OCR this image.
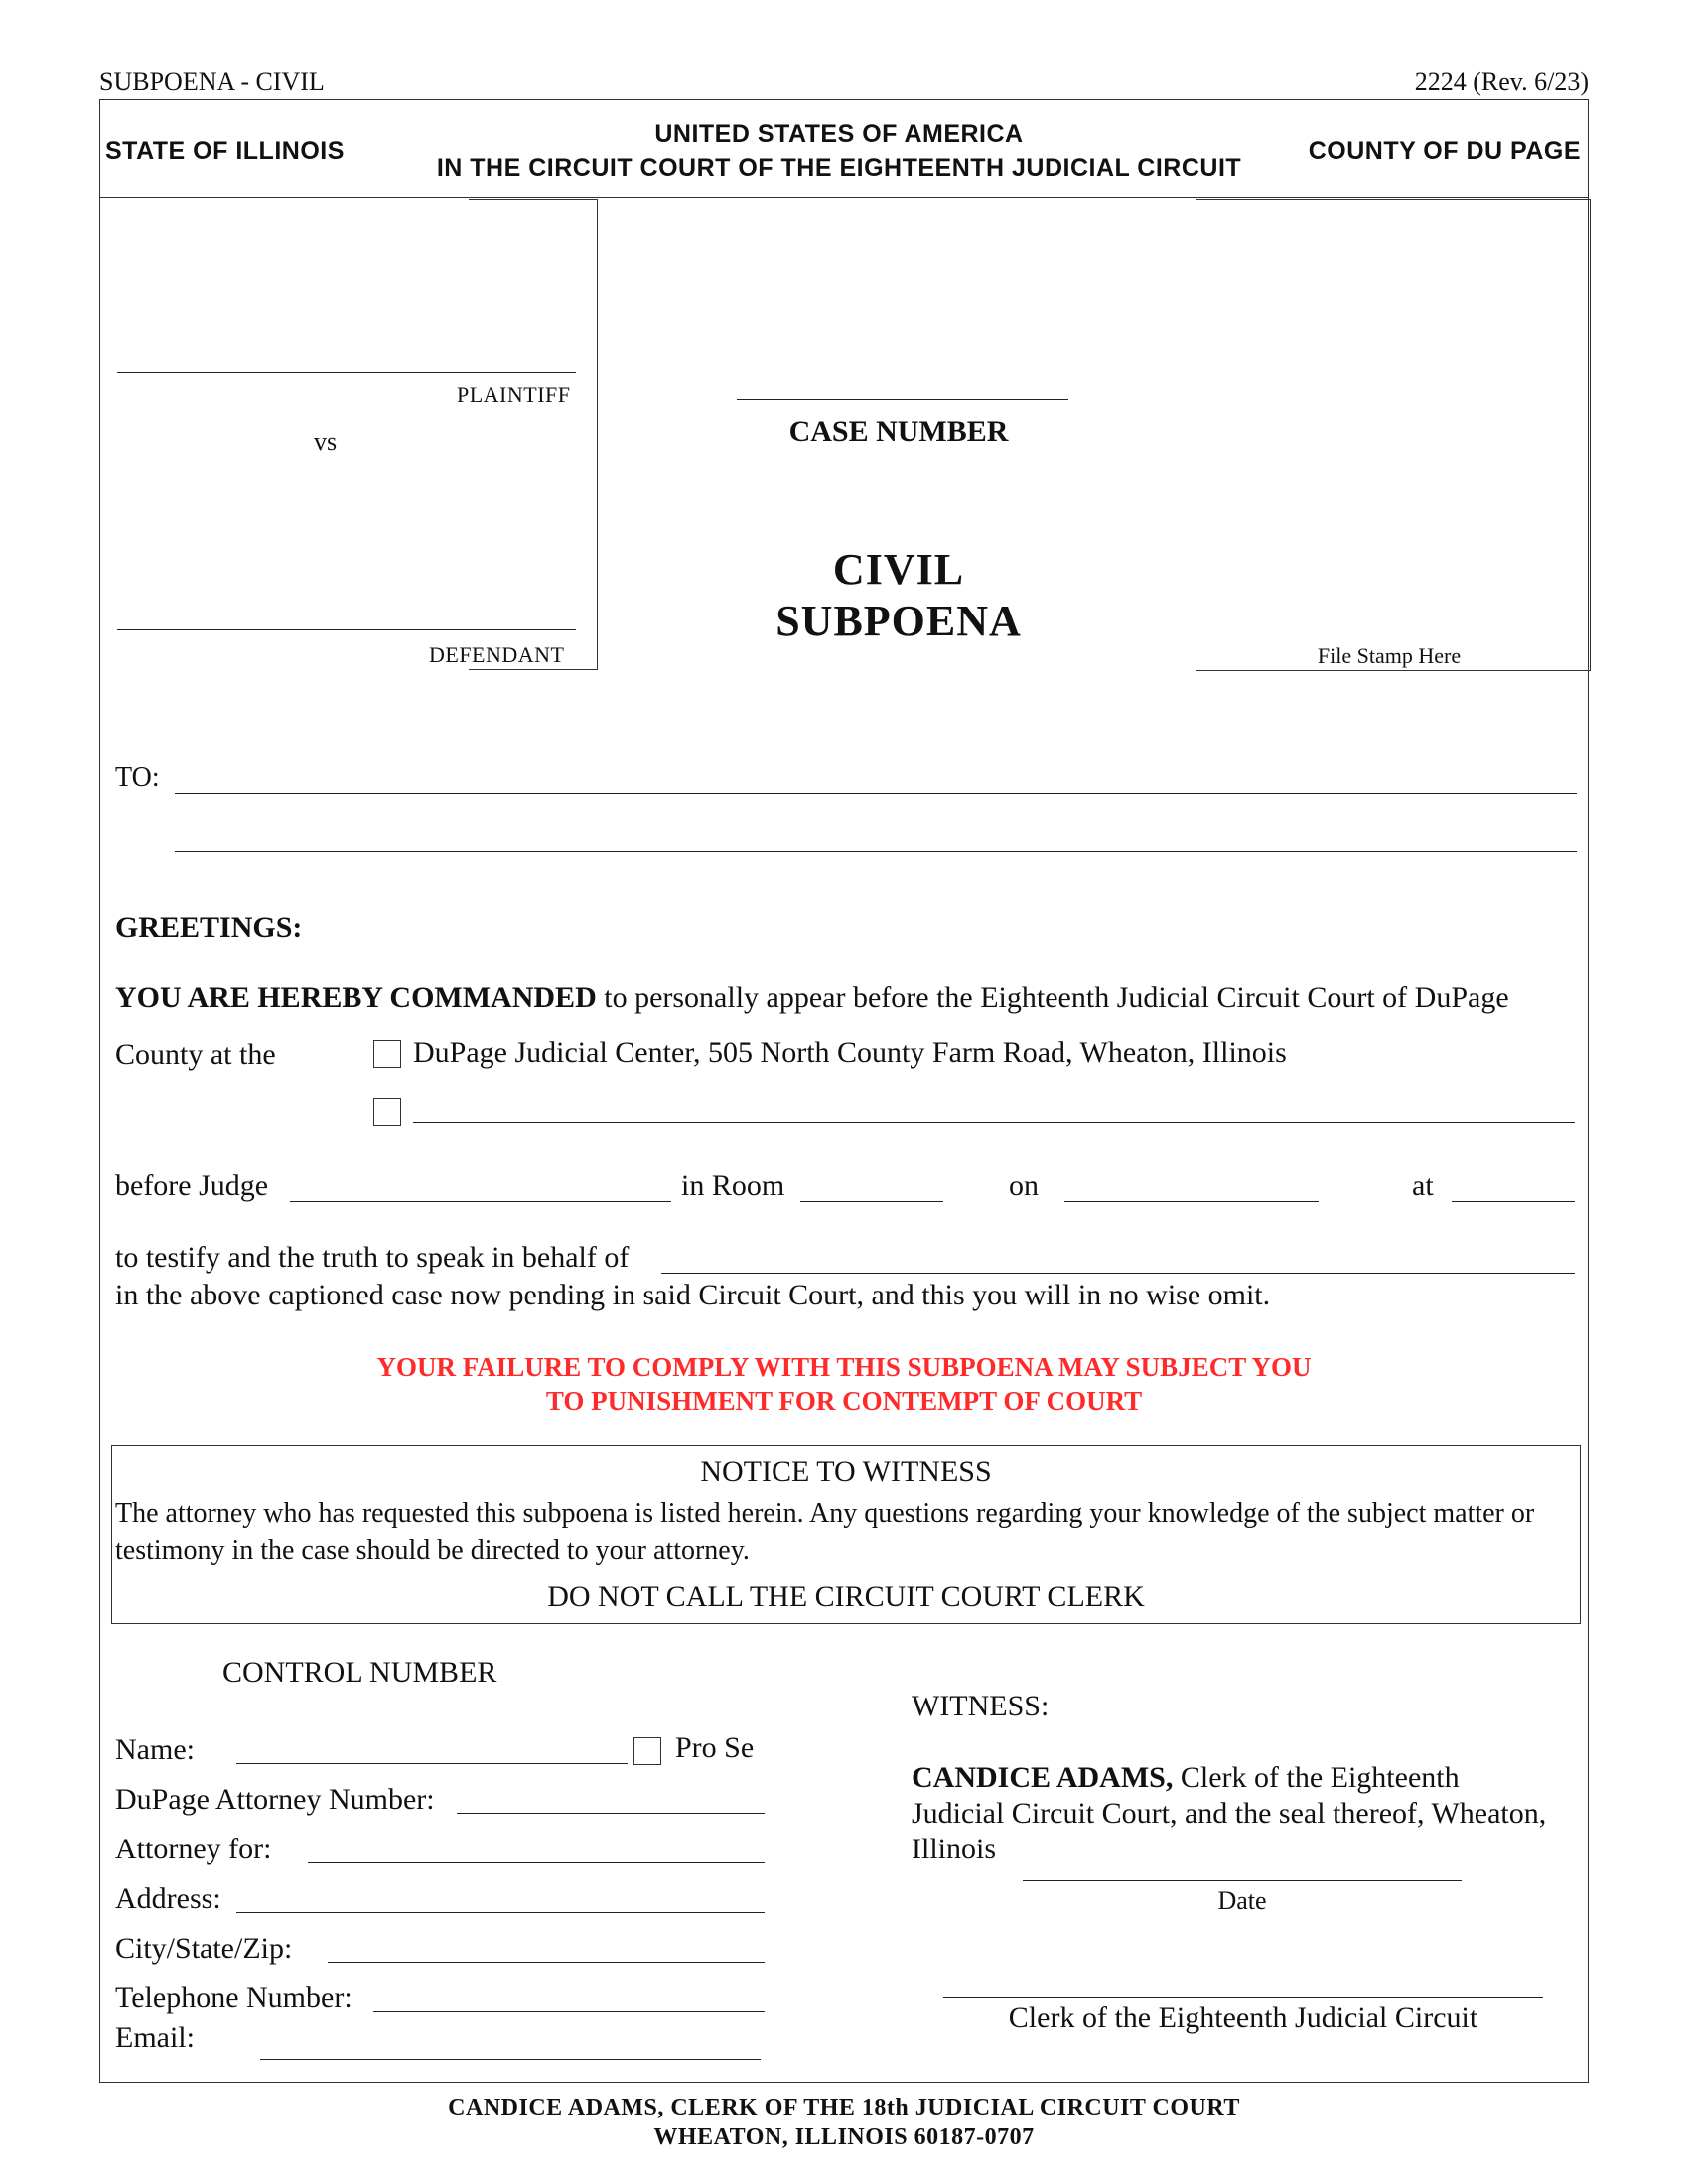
SUBPOENA - CIVIL	2224 (Rev. 6/23)
STATE OF ILLINOIS
UNITED STATES OF AMERICA
IN THE CIRCUIT COURT OF THE EIGHTEENTH JUDICIAL CIRCUIT
COUNTY OF DU PAGE
PLAINTIFF
vs
DEFENDANT
CASE NUMBER
CIVIL
SUBPOENA
File Stamp Here
TO:
GREETINGS:
YOU ARE HEREBY COMMANDED to personally appear before the Eighteenth Judicial Circuit Court of DuPage
County at the	DuPage Judicial Center, 505 North County Farm Road, Wheaton, Illinois
before Judge	in Room	on	at
to testify and the truth to speak in behalf of
in the above captioned case now pending in said Circuit Court, and this you will in no wise omit.
YOUR FAILURE TO COMPLY WITH THIS SUBPOENA MAY SUBJECT YOU
TO PUNISHMENT FOR CONTEMPT OF COURT
NOTICE TO WITNESS
The attorney who has requested this subpoena is listed herein. Any questions regarding your knowledge of the subject matter or testimony in the case should be directed to your attorney.
DO NOT CALL THE CIRCUIT COURT CLERK
CONTROL NUMBER
Name:	Pro Se
DuPage Attorney Number:
Attorney for:
Address:
City/State/Zip:
Telephone Number:
Email:
WITNESS:
CANDICE ADAMS, Clerk of the Eighteenth
Judicial Circuit Court, and the seal thereof, Wheaton,
Illinois
Date
Clerk of the Eighteenth Judicial Circuit
CANDICE ADAMS, CLERK OF THE 18th JUDICIAL CIRCUIT COURT
WHEATON, ILLINOIS 60187-0707
